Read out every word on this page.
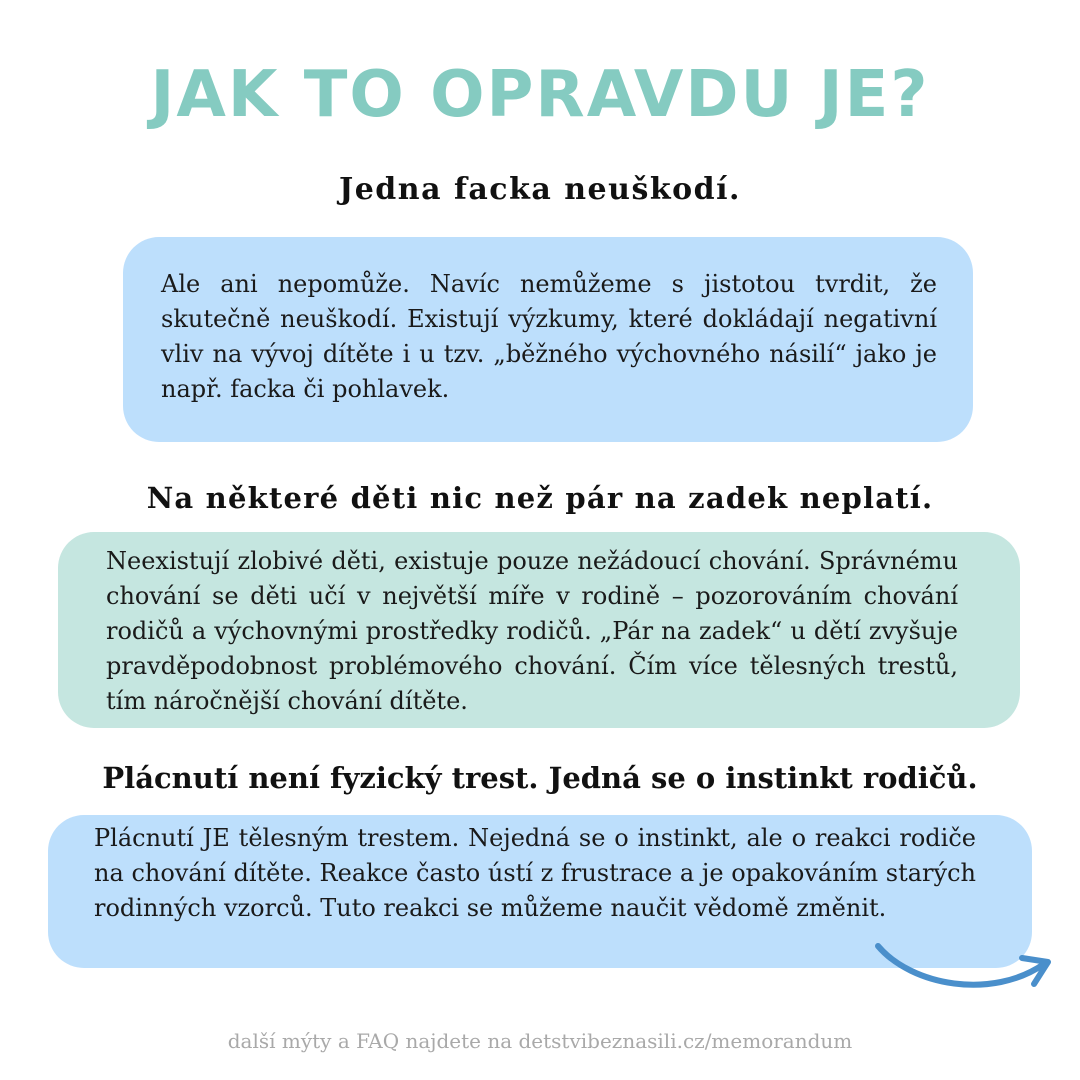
JAK TO OPRAVDU JE?
Jedna facka neuškodí.

Ale ani nepomůže. Navíc nemůžeme s jistotou tvrdit, že skutečně neuškodí. Existují výzkumy, které dokládají negativní vliv na vývoj dítěte i u tzv. „běžného výchovného násilí“ jako je např. facka či pohlavek.

Na některé děti nic než pár na zadek neplatí.

Neexistují zlobivé děti, existuje pouze nežádoucí chování. Správnému chování se děti učí v největší míře v rodině – pozorováním chování rodičů a výchovnými prostředky rodičů. „Pár na zadek“ u dětí zvyšuje pravděpodobnost problémového chování. Čím více tělesných trestů, tím náročnější chování dítěte.

Plácnutí není fyzický trest. Jedná se o instinkt rodičů.

Plácnutí JE tělesným trestem. Nejedná se o instinkt, ale o reakci rodiče na chování dítěte. Reakce často ústí z frustrace a je opakováním starých rodinných vzorců. Tuto reakci se můžeme naučit vědomě změnit.

další mýty a FAQ najdete na detstvibeznasili.cz/memorandum
